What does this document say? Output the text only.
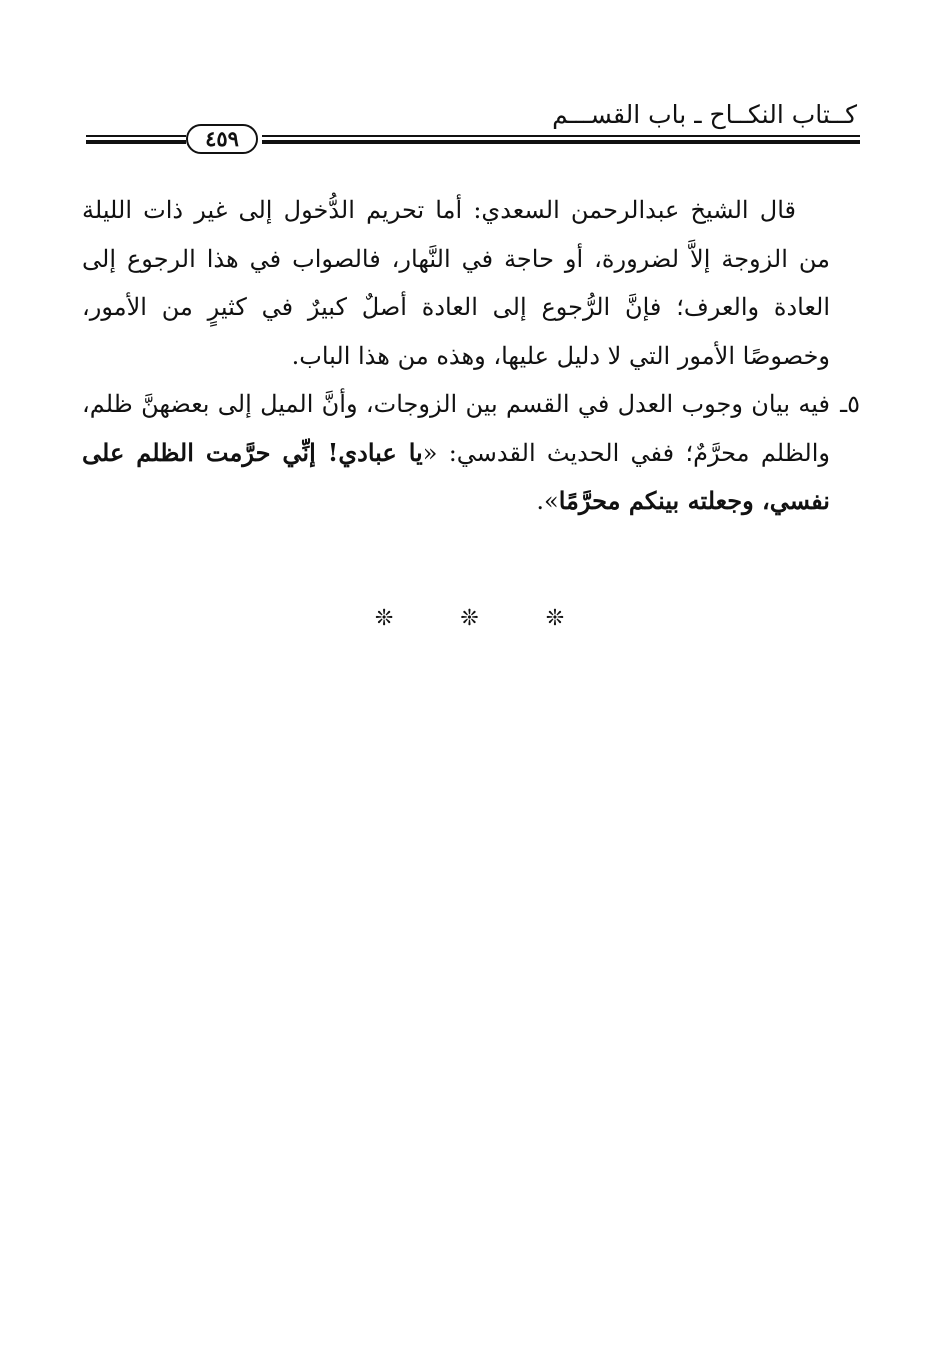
كــتاب النكــاح ـ باب القســـم
٤٥٩

قال الشيخ عبدالرحمن السعدي: أما تحريم الدُّخول إلى غير ذات الليلة من الزوجة إلاَّ لضرورة، أو حاجة في النَّهار، فالصواب في هذا الرجوع إلى العادة والعرف؛ فإنَّ الرُّجوع إلى العادة أصلٌ كبيرٌ في كثيرٍ من الأمور، وخصوصًا الأمور التي لا دليل عليها، وهذه من هذا الباب.

٥ـ
فيه بيان وجوب العدل في القسم بين الزوجات، وأنَّ الميل إلى بعضهنَّ ظلم، والظلم محرَّمٌ؛ ففي الحديث القدسي: «يا عبادي! إنِّي حرَّمت الظلم على نفسي، وجعلته بينكم محرَّمًا».

❊ ❊ ❊
